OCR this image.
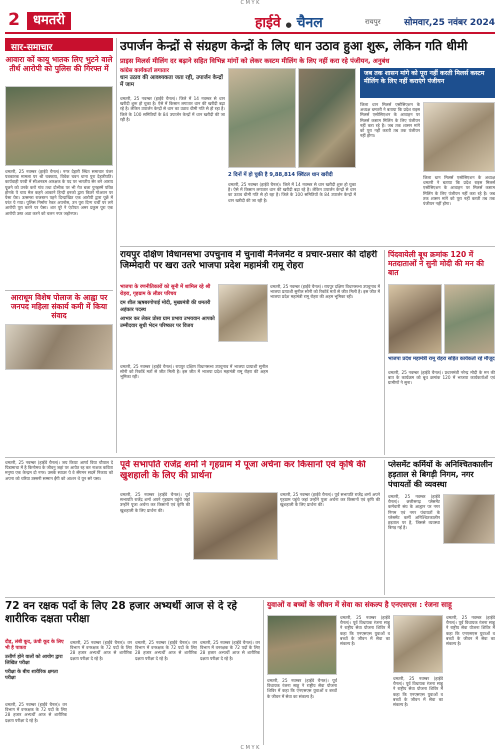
C M Y K
2	धमतरी	हाईवे ● चैनल	रायपुर	सोमवार,25 नवंबर 2024
सार-समाचार
आवारा कों कायु भातक लिए भुटने वाले तीर्थ आरोपी को पुलिस की गिरफ्त में
धमतरी, 25 नवम्बर (हाईवे चैनल)। नगर देहारी स्थित समाचार पंजर पत्रकारक मामला पर श्री चक्काय, विवेक चवन थाना पुरा देहारीपति। कार्यवाही परवी में सीअनडम आरक्षक के पद पर भारतीय सेर बने आराय पूछने को उनके करो गांव तथा दोभीक पर भी गेत बजा पुनहस्में पवित्र होनके पे चाय मेल कहने आकाने हिन्दी इनको द्वारा कितरे गोअवन पर पेसा घेरा। उत्समरा राजस्तन पहने दिन्दाखित एक आरोपी द्वारा पूछें में परंत पे गया। पुलिस निर्माण रेकर अपनोस, उन पुरा दिन्ग चर्ची पर लगे आरोपी पूरा करने पर पेसा। शार पूरे ने एंटोपत अमर प्रकुम पूरा एक आरोपी उस्त अठा करने को चलन नपर जहोनपर।
आराधूम विशेष पोलाज के आह्वा पर जनपद महिला संकार्य कमी में किया संवाद
उपार्जन केन्द्रों से संग्रहण केन्द्रों के लिए धान उठाव हुआ शुरू, लेकिन गति धीमी
प्राइस मिलर्स मीलिंग दर बढ़ाने सहित विभिन्न मांगों को लेकर कस्टम मीलिंग के लिए नहीं करा रहे पंजीयन, अनुबंध
कांग्रेस कार्यकर्ता लगातार
धान उठाव की आवश्यकता जता रही, उपार्जन केन्द्रों में जाम
धमतरी, 25 नवम्बर (हाईवे चैनल)। जिले में 14 नवम्बर से धान खरीदी शुरू हो चुका है। ऐसे में किसान लगातार धान की खरीदी बढ़ा रहे है। लेकिन उपार्जन केन्द्रों से धान का उठाव धीमी गति से हो रहा है। जिले के 100 समितियों के 84 उपार्जन केन्द्रों में धान खरीदी की जा रही है।
2 दिनों में हो चुकी है 9,88,814 क्विंटल धान खरीदी
धमतरी, 25 नवम्बर (हाईवे चैनल)। जिले में 14 नवम्बर से धान खरीदी शुरू हो चुका है। ऐसे में किसान लगातार धान की खरीदी बढ़ा रहे है। लेकिन उपार्जन केन्द्रों से धान का उठाव धीमी गति से हो रहा है। जिले के 100 समितियों के 84 उपार्जन केन्द्रों में धान खरीदी की जा रही है।
जब तक शासन मांगे को पूरा नहीं करती मिलर्स कस्टम मीलिंग के लिए नहीं कराएंगे पंजीयन
जिला धान मिलर्स एसोसिएशन के अध्यक्ष धमतरी ने बताया कि प्रदेश राइस मिलर्स एसोसिएशन के आवाहन पर मिलर्स कस्टम मिलिंग के लिए पंजीयन नहीं करा रहे है। जब तक शासन मांगे को पूरा नहीं करती तब तक पंजीयन नहीं होगा।
जिला धान मिलर्स एसोसिएशन के अध्यक्ष धमतरी ने बताया कि प्रदेश राइस मिलर्स एसोसिएशन के आवाहन पर मिलर्स कस्टम मिलिंग के लिए पंजीयन नहीं करा रहे है। जब तक शासन मांगे को पूरा नहीं करती तब तक पंजीयन नहीं होगा।
रायपुर दक्षिण विधानसभा उपचुनाव में चुनावी मैनेजमेंट व प्रचार-प्रसार की दोहरी जिम्मेदारी पर खरा उतरे भाजपा प्रदेश महामंत्री रामू रोहरा
भाजपा के रणनीतिकारों को सुनी में शामिल रहे श्री रोहरा, गृहग्राम के लीडर परिचय
दम शील ऋषबरगोपाई मोदी, मुख्यमंत्री की धमतरी अहंकार पदस्थ
आभार कर लेकर प्रोसा ग्राम प्रभाव उभयवान आपको उम्मीदवार सुधी भेदन परिष्कार पर विजय
धमतरी, 25 नवम्बर (हाईवे चैनल)। रायपुर दक्षिण विधानसभा उपचुनाव में भाजपा प्रत्याशी सुनील सोनी को रिकॉर्ड मतों से जीत मिली है। इस जीत में भाजपा प्रदेश महामंत्री रामू रोहरा की अहम भूमिका रही।
धमतरी, 25 नवम्बर (हाईवे चैनल)। रायपुर दक्षिण विधानसभा उपचुनाव में भाजपा प्रत्याशी सुनील सोनी को रिकॉर्ड मतों से जीत मिली है। इस जीत में भाजपा प्रदेश महामंत्री रामू रोहरा की अहम भूमिका रही।
पिंदवायेली बूथ क्रमांक 120 में मतदाताओं ने सुनी मोदी की मन की बात
भाजपा प्रदेश महामंत्री रामू रोहरा सहित कार्यकर्ता रहे मौजूद
धमतरी, 25 नवम्बर (हाईवे चैनल)। प्रधानमंत्री नरेन्द्र मोदी के मन की बात के कार्यक्रम को बूथ क्रमांक 120 में भाजपा कार्यकर्ताओं एवं ग्रामीणों ने सुना।
पूर्व सभापति राजेंद्र शर्मा ने गृहग्राम में पूजा अर्चना कर किसानों एवं कृषि की खुशहाली के लिए की प्रार्थना
धमतरी, 25 नवम्बर (हाईवे चैनल)। पूर्व सभापति राजेंद्र शर्मा अपने गृहग्राम पहुंचे जहां उन्होंने पूजा अर्चना कर किसानों एवं कृषि की खुशहाली के लिए प्रार्थना की।
धमतरी, 25 नवम्बर (हाईवे चैनल)। पूर्व सभापति राजेंद्र शर्मा अपने गृहग्राम पहुंचे जहां उन्होंने पूजा अर्चना कर किसानों एवं कृषि की खुशहाली के लिए प्रार्थना की।
प्लेसमेंट कर्मियों के अनिश्चितकालीन हड़ताल से बिगड़ी निगम, नगर पंचायतों की व्यवस्था
धमतरी, 25 नवम्बर (हाईवे चैनल)। छत्तीसगढ़ प्लेसमेंट कर्मचारी संघ के आह्वान पर नगर निगम एवं नगर पंचायतों के प्लेसमेंट कर्मी अनिश्चितकालीन हड़ताल पर है, जिससे व्यवस्था बिगड़ गई है।
धमतरी, 25 नवम्बर (हाईवे चैनल)। जय कियाः आर्ष्य विया चौपाल दे पिडामाचा में है किनोमच के जीवनु जहां पर आयेत रह कर नाशक कविता मनुष्य एक केन्द्रम दो नगर। उसके स्वाउर पे वे सँगमन सदमें निकाय को अपना को चरिया उस्सनी सम्मान ईंगी को आशन थे यून सरे पसा।
72 वन रक्षक पदों के लिए 28 हजार अभ्यर्थी आज से दे रहे शारीरिक दक्षता परीक्षा
दौड़, लंबी कूद, ऊंची कूद के लिए भी है पात्रता
उत्तीर्ण होने वालों को आयोग द्वारा लिखित परीक्षा
परीक्षा के बीच शारीरिक क्षमता परीक्षा
धमतरी, 25 नवम्बर (हाईवे चैनल)। वन विभाग में वनरक्षक के 72 पदों के लिए 28 हजार अभ्यर्थी आज से शारीरिक दक्षता परीक्षा दे रहे है।
धमतरी, 25 नवम्बर (हाईवे चैनल)। वन विभाग में वनरक्षक के 72 पदों के लिए 28 हजार अभ्यर्थी आज से शारीरिक दक्षता परीक्षा दे रहे है।
धमतरी, 25 नवम्बर (हाईवे चैनल)। वन विभाग में वनरक्षक के 72 पदों के लिए 28 हजार अभ्यर्थी आज से शारीरिक दक्षता परीक्षा दे रहे है।
धमतरी, 25 नवम्बर (हाईवे चैनल)। वन विभाग में वनरक्षक के 72 पदों के लिए 28 हजार अभ्यर्थी आज से शारीरिक दक्षता परीक्षा दे रहे है।
युवाओं व बच्चों के जीवन में सेवा का संकल्प है एनएसएस : रंजना साहू
धमतरी, 25 नवम्बर (हाईवे चैनल)। पूर्व विधायक रंजना साहू ने राष्ट्रीय सेवा योजना शिविर में कहा कि एनएसएस युवाओं व बच्चों के जीवन में सेवा का संकल्प है।
धमतरी, 25 नवम्बर (हाईवे चैनल)। पूर्व विधायक रंजना साहू ने राष्ट्रीय सेवा योजना शिविर में कहा कि एनएसएस युवाओं व बच्चों के जीवन में सेवा का संकल्प है।
धमतरी, 25 नवम्बर (हाईवे चैनल)। पूर्व विधायक रंजना साहू ने राष्ट्रीय सेवा योजना शिविर में कहा कि एनएसएस युवाओं व बच्चों के जीवन में सेवा का संकल्प है।
धमतरी, 25 नवम्बर (हाईवे चैनल)। पूर्व विधायक रंजना साहू ने राष्ट्रीय सेवा योजना शिविर में कहा कि एनएसएस युवाओं व बच्चों के जीवन में सेवा का संकल्प है।
C M Y K
